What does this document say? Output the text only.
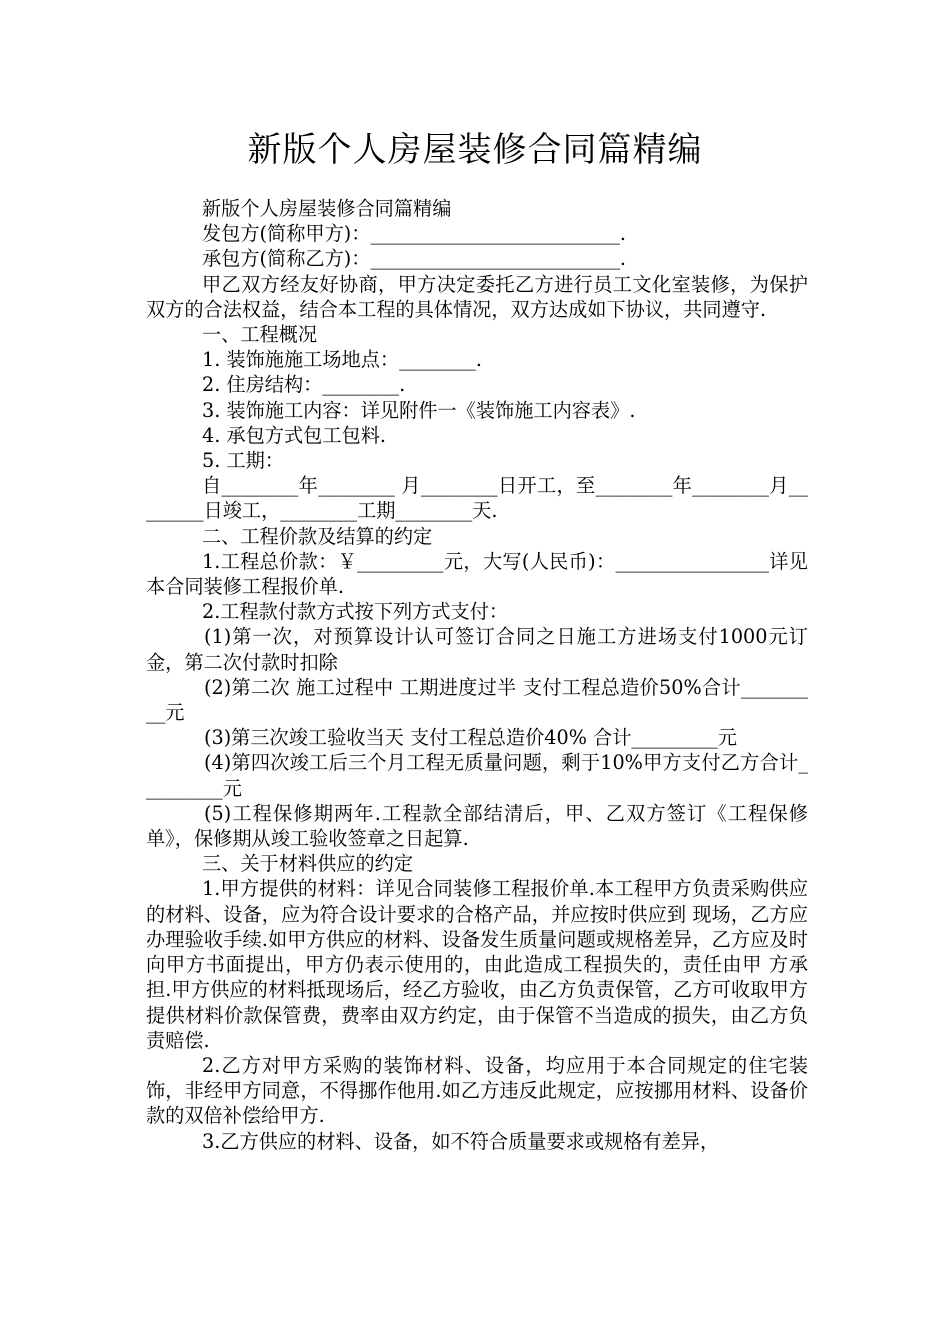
新版个人房屋装修合同篇精编

新版个人房屋装修合同篇精编

发包方(简称甲方)：__________________________.

承包方(简称乙方)：__________________________.

甲乙双方经友好协商，甲方决定委托乙方进行员工文化室装修，为保护双方的合法权益，结合本工程的具体情况，双方达成如下协议，共同遵守.

一、工程概况

1. 装饰施施工场地点：________.

2. 住房结构：________.

3. 装饰施工内容：详见附件一《装饰施工内容表》.

4. 承包方式包工包料.

5. 工期：

自________年________ 月________日开工，至________年________月________日竣工，________工期________天.

二、工程价款及结算的约定

1.工程总价款：￥_________元，大写(人民币)：________________详见本合同装修工程报价单.

2.工程款付款方式按下列方式支付：

(1)第一次，对预算设计认可签订合同之日施工方进场支付1000元订金，第二次付款时扣除

(2)第二次 施工过程中 工期进度过半 支付工程总造价50%合计_________元

(3)第三次竣工验收当天 支付工程总造价40% 合计_________元

(4)第四次竣工后三个月工程无质量问题，剩于10%甲方支付乙方合计_________元

(5)工程保修期两年.工程款全部结清后，甲、乙双方签订《工程保修单》，保修期从竣工验收签章之日起算.

三、关于材料供应的约定

1.甲方提供的材料：详见合同装修工程报价单.本工程甲方负责采购供应的材料、设备，应为符合设计要求的合格产品，并应按时供应到 现场，乙方应办理验收手续.如甲方供应的材料、设备发生质量问题或规格差异，乙方应及时向甲方书面提出，甲方仍表示使用的，由此造成工程损失的，责任由甲 方承担.甲方供应的材料抵现场后，经乙方验收，由乙方负责保管，乙方可收取甲方提供材料价款保管费，费率由双方约定，由于保管不当造成的损失，由乙方负责赔偿.

2.乙方对甲方采购的装饰材料、设备，均应用于本合同规定的住宅装饰，非经甲方同意，不得挪作他用.如乙方违反此规定，应按挪用材料、设备价款的双倍补偿给甲方.

3.乙方供应的材料、设备，如不符合质量要求或规格有差异，
